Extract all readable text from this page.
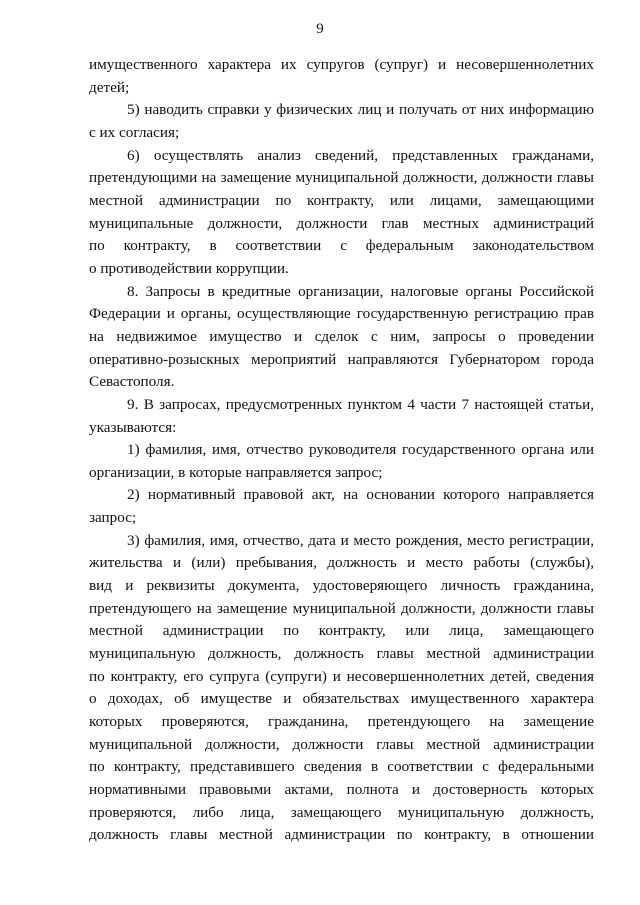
9

имущественного характера их супругов (супруг) и несовершеннолетних

детей;

5) наводить справки у физических лиц и получать от них информацию

с их согласия;

6) осуществлять анализ сведений, представленных гражданами,

претендующими на замещение муниципальной должности, должности главы

местной администрации по контракту, или лицами, замещающими

муниципальные должности, должности глав местных администраций

по контракту, в соответствии с федеральным законодательством

о противодействии коррупции.

8. Запросы в кредитные организации, налоговые органы Российской

Федерации и органы, осуществляющие государственную регистрацию прав

на недвижимое имущество и сделок с ним, запросы о проведении

оперативно-розыскных мероприятий направляются Губернатором города

Севастополя.

9. В запросах, предусмотренных пунктом 4 части 7 настоящей статьи,

указываются:

1) фамилия, имя, отчество руководителя государственного органа или

организации, в которые направляется запрос;

2) нормативный правовой акт, на основании которого направляется

запрос;

3) фамилия, имя, отчество, дата и место рождения, место регистрации,

жительства и (или) пребывания, должность и место работы (службы),

вид и реквизиты документа, удостоверяющего личность гражданина,

претендующего на замещение муниципальной должности, должности главы

местной администрации по контракту, или лица, замещающего

муниципальную должность, должность главы местной администрации

по контракту, его супруга (супруги) и несовершеннолетних детей, сведения

о доходах, об имуществе и обязательствах имущественного характера

которых проверяются, гражданина, претендующего на замещение

муниципальной должности, должности главы местной администрации

по контракту, представившего сведения в соответствии с федеральными

нормативными правовыми актами, полнота и достоверность которых

проверяются, либо лица, замещающего муниципальную должность,

должность главы местной администрации по контракту, в отношении
